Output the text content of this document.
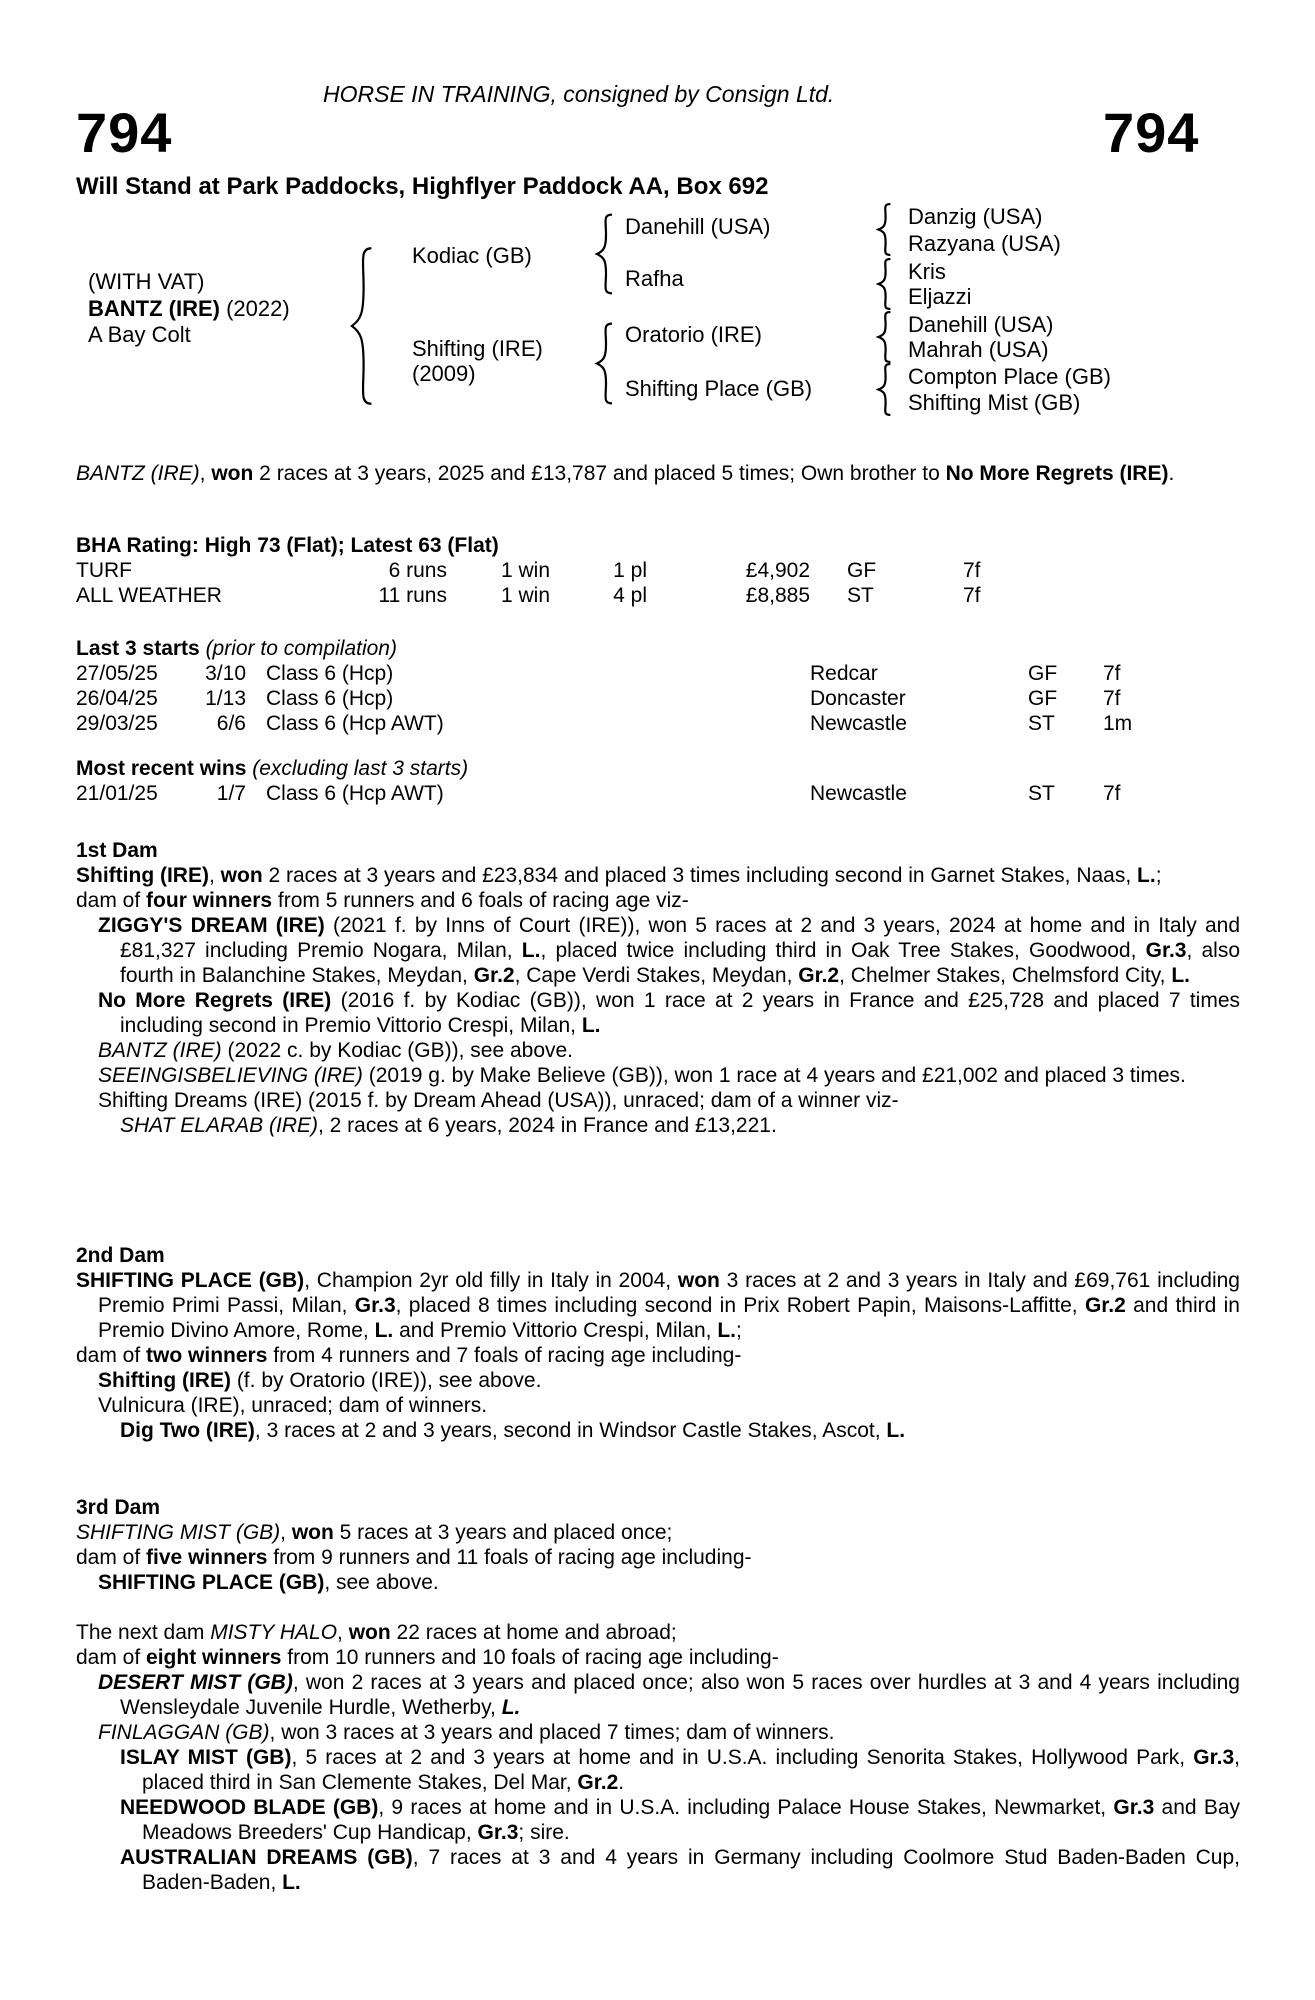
HORSE IN TRAINING, consigned by Consign Ltd.
794	794
Will Stand at Park Paddocks, Highflyer Paddock AA, Box 692
(WITH VAT)
BANTZ (IRE) (2022)
A Bay Colt
Kodiac (GB)
Shifting (IRE)
(2009)
Danehill (USA)
Rafha
Oratorio (IRE)
Shifting Place (GB)
Danzig (USA)
Razyana (USA)
Kris
Eljazzi
Danehill (USA)
Mahrah (USA)
Compton Place (GB)
Shifting Mist (GB)

BANTZ (IRE), won 2 races at 3 years, 2025 and £13,787 and placed 5 times; Own brother to No More Regrets (IRE).

BHA Rating: High 73 (Flat); Latest 63 (Flat)
TURF	6 runs	1 win	1 pl	£4,902 GF	7f
ALL WEATHER	11 runs	1 win	4 pl	£8,885 ST	7f
Last 3 starts (prior to compilation)
27/05/25	3/10 Class 6 (Hcp)	Redcar	GF 7f
26/04/25	1/13 Class 6 (Hcp)	Doncaster	GF 7f
29/03/25	6/6 Class 6 (Hcp AWT)	Newcastle	ST 1m
Most recent wins (excluding last 3 starts)
21/01/25	1/7 Class 6 (Hcp AWT)	Newcastle	ST 7f
1st Dam

Shifting (IRE), won 2 races at 3 years and £23,834 and placed 3 times including second in Garnet Stakes, Naas, L.;

dam of four winners from 5 runners and 6 foals of racing age viz-

ZIGGY'S DREAM (IRE) (2021 f. by Inns of Court (IRE)), won 5 races at 2 and 3 years, 2024 at home and in Italy and £81,327 including Premio Nogara, Milan, L., placed twice including third in Oak Tree Stakes, Goodwood, Gr.3, also fourth in Balanchine Stakes, Meydan, Gr.2, Cape Verdi Stakes, Meydan, Gr.2, Chelmer Stakes, Chelmsford City, L.

No More Regrets (IRE) (2016 f. by Kodiac (GB)), won 1 race at 2 years in France and £25,728 and placed 7 times including second in Premio Vittorio Crespi, Milan, L.

BANTZ (IRE) (2022 c. by Kodiac (GB)), see above.

SEEINGISBELIEVING (IRE) (2019 g. by Make Believe (GB)), won 1 race at 4 years and £21,002 and placed 3 times.

Shifting Dreams (IRE) (2015 f. by Dream Ahead (USA)), unraced; dam of a winner viz-

SHAT ELARAB (IRE), 2 races at 6 years, 2024 in France and £13,221.

2nd Dam

SHIFTING PLACE (GB), Champion 2yr old filly in Italy in 2004, won 3 races at 2 and 3 years in Italy and £69,761 including Premio Primi Passi, Milan, Gr.3, placed 8 times including second in Prix Robert Papin, Maisons-Laffitte, Gr.2 and third in Premio Divino Amore, Rome, L. and Premio Vittorio Crespi, Milan, L.;

dam of two winners from 4 runners and 7 foals of racing age including-

Shifting (IRE) (f. by Oratorio (IRE)), see above.

Vulnicura (IRE), unraced; dam of winners.

Dig Two (IRE), 3 races at 2 and 3 years, second in Windsor Castle Stakes, Ascot, L.

3rd Dam

SHIFTING MIST (GB), won 5 races at 3 years and placed once;

dam of five winners from 9 runners and 11 foals of racing age including-

SHIFTING PLACE (GB), see above.

The next dam MISTY HALO, won 22 races at home and abroad;

dam of eight winners from 10 runners and 10 foals of racing age including-

DESERT MIST (GB), won 2 races at 3 years and placed once; also won 5 races over hurdles at 3 and 4 years including Wensleydale Juvenile Hurdle, Wetherby, L.

FINLAGGAN (GB), won 3 races at 3 years and placed 7 times; dam of winners.

ISLAY MIST (GB), 5 races at 2 and 3 years at home and in U.S.A. including Senorita Stakes, Hollywood Park, Gr.3, placed third in San Clemente Stakes, Del Mar, Gr.2.

NEEDWOOD BLADE (GB), 9 races at home and in U.S.A. including Palace House Stakes, Newmarket, Gr.3 and Bay Meadows Breeders' Cup Handicap, Gr.3; sire.

AUSTRALIAN DREAMS (GB), 7 races at 3 and 4 years in Germany including Coolmore Stud Baden-Baden Cup, Baden-Baden, L.
